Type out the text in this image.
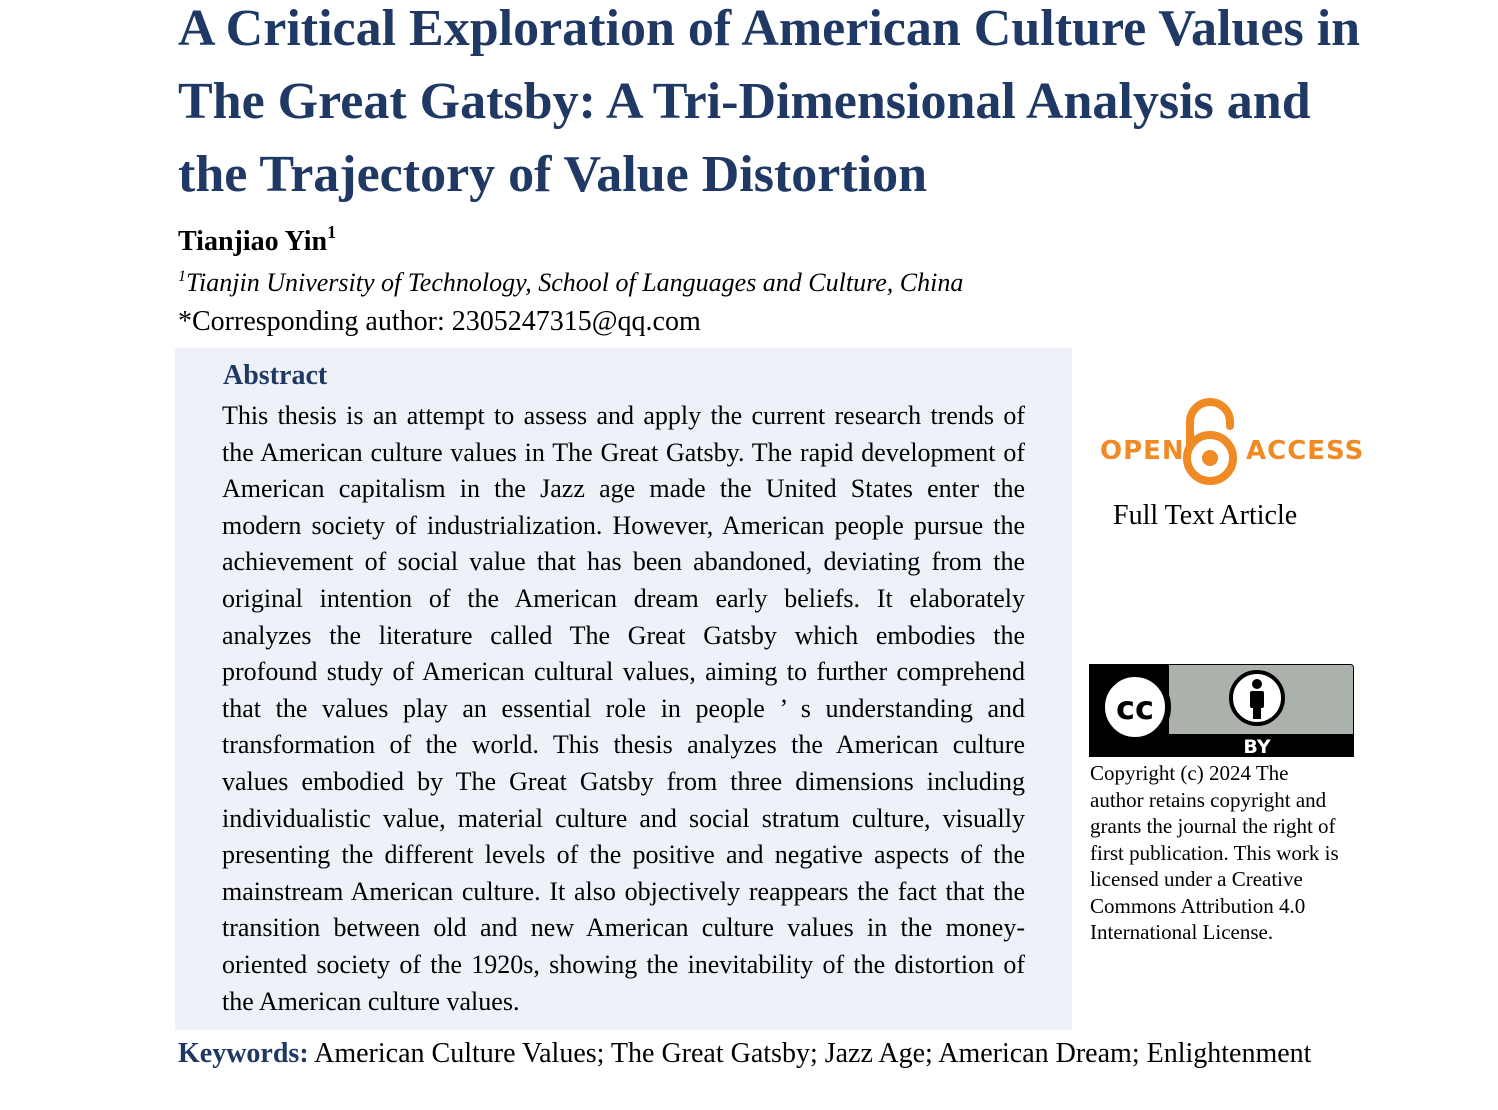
A Critical Exploration of American Culture Values in The Great Gatsby: A Tri-Dimensional Analysis and the Trajectory of Value Distortion

Tianjiao Yin$^1$

$^1$Tianjin University of Technology, School of Languages and Culture, China

*Corresponding author: 2305247315@qq.com

Abstract

This thesis is an attempt to assess and apply the current research trends of the American culture values in The Great Gatsby. The rapid development of American capitalism in the Jazz age made the United States enter the modern society of industrialization. However, American people pursue the achievement of social value that has been abandoned, deviating from the original intention of the American dream early beliefs. It elaborately analyzes the literature called The Great Gatsby which embodies the profound study of American cultural values, aiming to further comprehend that the values play an essential role in people ’ s understanding and transformation of the world. This thesis analyzes the American culture values embodied by The Great Gatsby from three dimensions including individualistic value, material culture and social stratum culture, visually presenting the different levels of the positive and negative aspects of the mainstream American culture. It also objectively reappears the fact that the transition between old and new American culture values in the money-oriented society of the 1920s, showing the inevitability of the distortion of the American culture values.

OPEN ACCESS

Full Text Article

cc
BY

Copyright (c) 2024 The author retains copyright and grants the journal the right of first publication. This work is licensed under a Creative Commons Attribution 4.0 International License.

Keywords: American Culture Values; The Great Gatsby; Jazz Age; American Dream; Enlightenment
